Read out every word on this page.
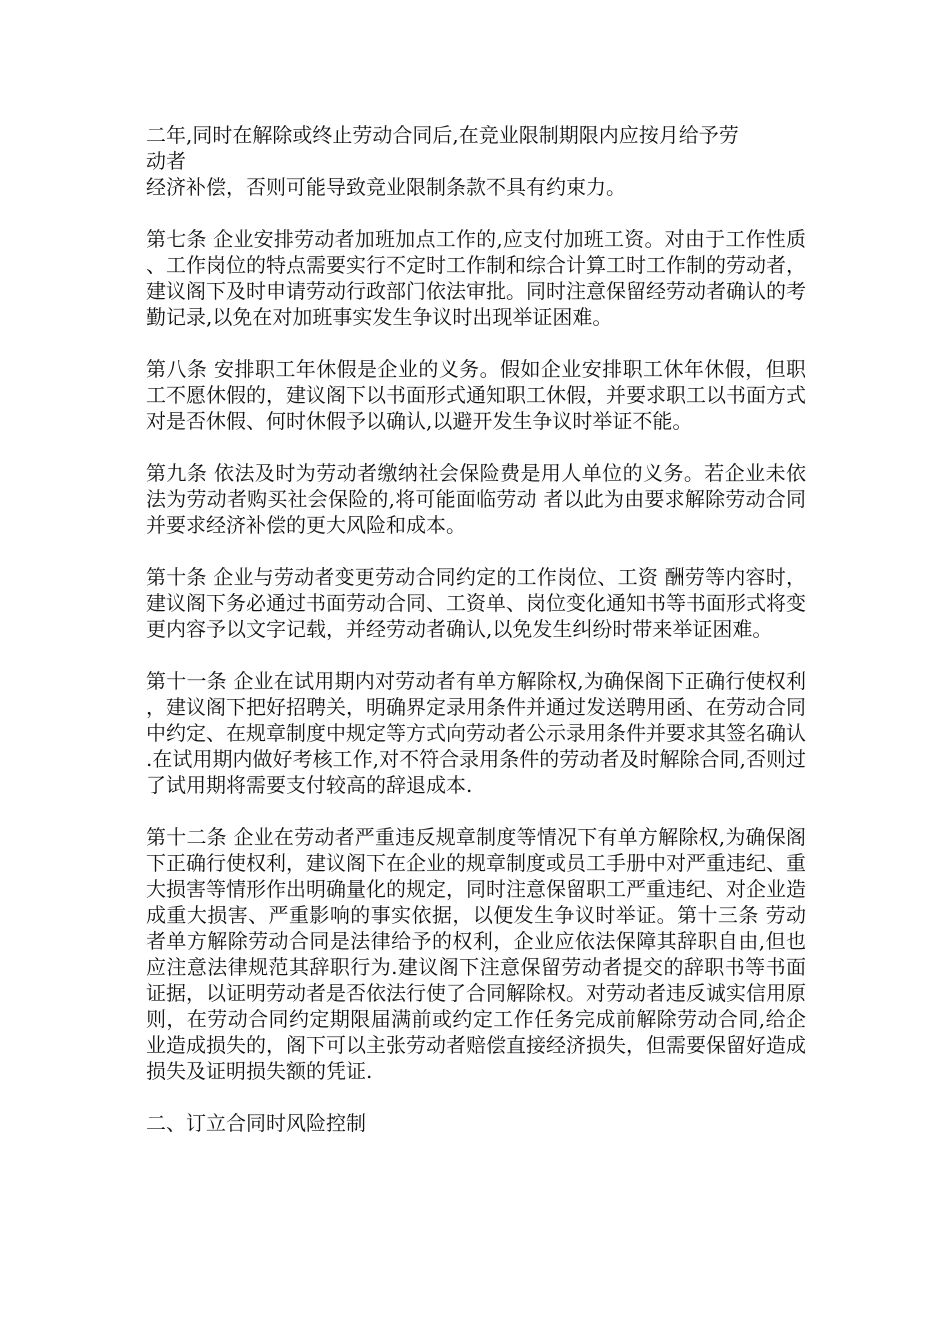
二年,同时在解除或终止劳动合同后,在竞业限制期限内应按月给予劳
动者
经济补偿，否则可能导致竞业限制条款不具有约束力。

第七条 企业安排劳动者加班加点工作的,应支付加班工资。对由于工作性质、工作岗位的特点需要实行不定时工作制和综合计算工时工作制的劳动者，建议阁下及时申请劳动行政部门依法审批。同时注意保留经劳动者确认的考勤记录,以免在对加班事实发生争议时出现举证困难。

第八条 安排职工年休假是企业的义务。假如企业安排职工休年休假，但职工不愿休假的，建议阁下以书面形式通知职工休假，并要求职工以书面方式对是否休假、何时休假予以确认,以避开发生争议时举证不能。

第九条 依法及时为劳动者缴纳社会保险费是用人单位的义务。若企业未依法为劳动者购买社会保险的,将可能面临劳动 者以此为由要求解除劳动合同并要求经济补偿的更大风险和成本。

第十条 企业与劳动者变更劳动合同约定的工作岗位、工资 酬劳等内容时，建议阁下务必通过书面劳动合同、工资单、岗位变化通知书等书面形式将变更内容予以文字记载，并经劳动者确认,以免发生纠纷时带来举证困难。

第十一条 企业在试用期内对劳动者有单方解除权,为确保阁下正确行使权利，建议阁下把好招聘关，明确界定录用条件并通过发送聘用函、在劳动合同中约定、在规章制度中规定等方式向劳动者公示录用条件并要求其签名确认.在试用期内做好考核工作,对不符合录用条件的劳动者及时解除合同,否则过了试用期将需要支付较高的辞退成本.

第十二条 企业在劳动者严重违反规章制度等情况下有单方解除权,为确保阁下正确行使权利，建议阁下在企业的规章制度或员工手册中对严重违纪、重大损害等情形作出明确量化的规定，同时注意保留职工严重违纪、对企业造成重大损害、严重影响的事实依据，以便发生争议时举证。第十三条 劳动者单方解除劳动合同是法律给予的权利，企业应依法保障其辞职自由,但也应注意法律规范其辞职行为.建议阁下注意保留劳动者提交的辞职书等书面证据，以证明劳动者是否依法行使了合同解除权。对劳动者违反诚实信用原则，在劳动合同约定期限届满前或约定工作任务完成前解除劳动合同,给企业造成损失的，阁下可以主张劳动者赔偿直接经济损失，但需要保留好造成损失及证明损失额的凭证.

二、订立合同时风险控制
